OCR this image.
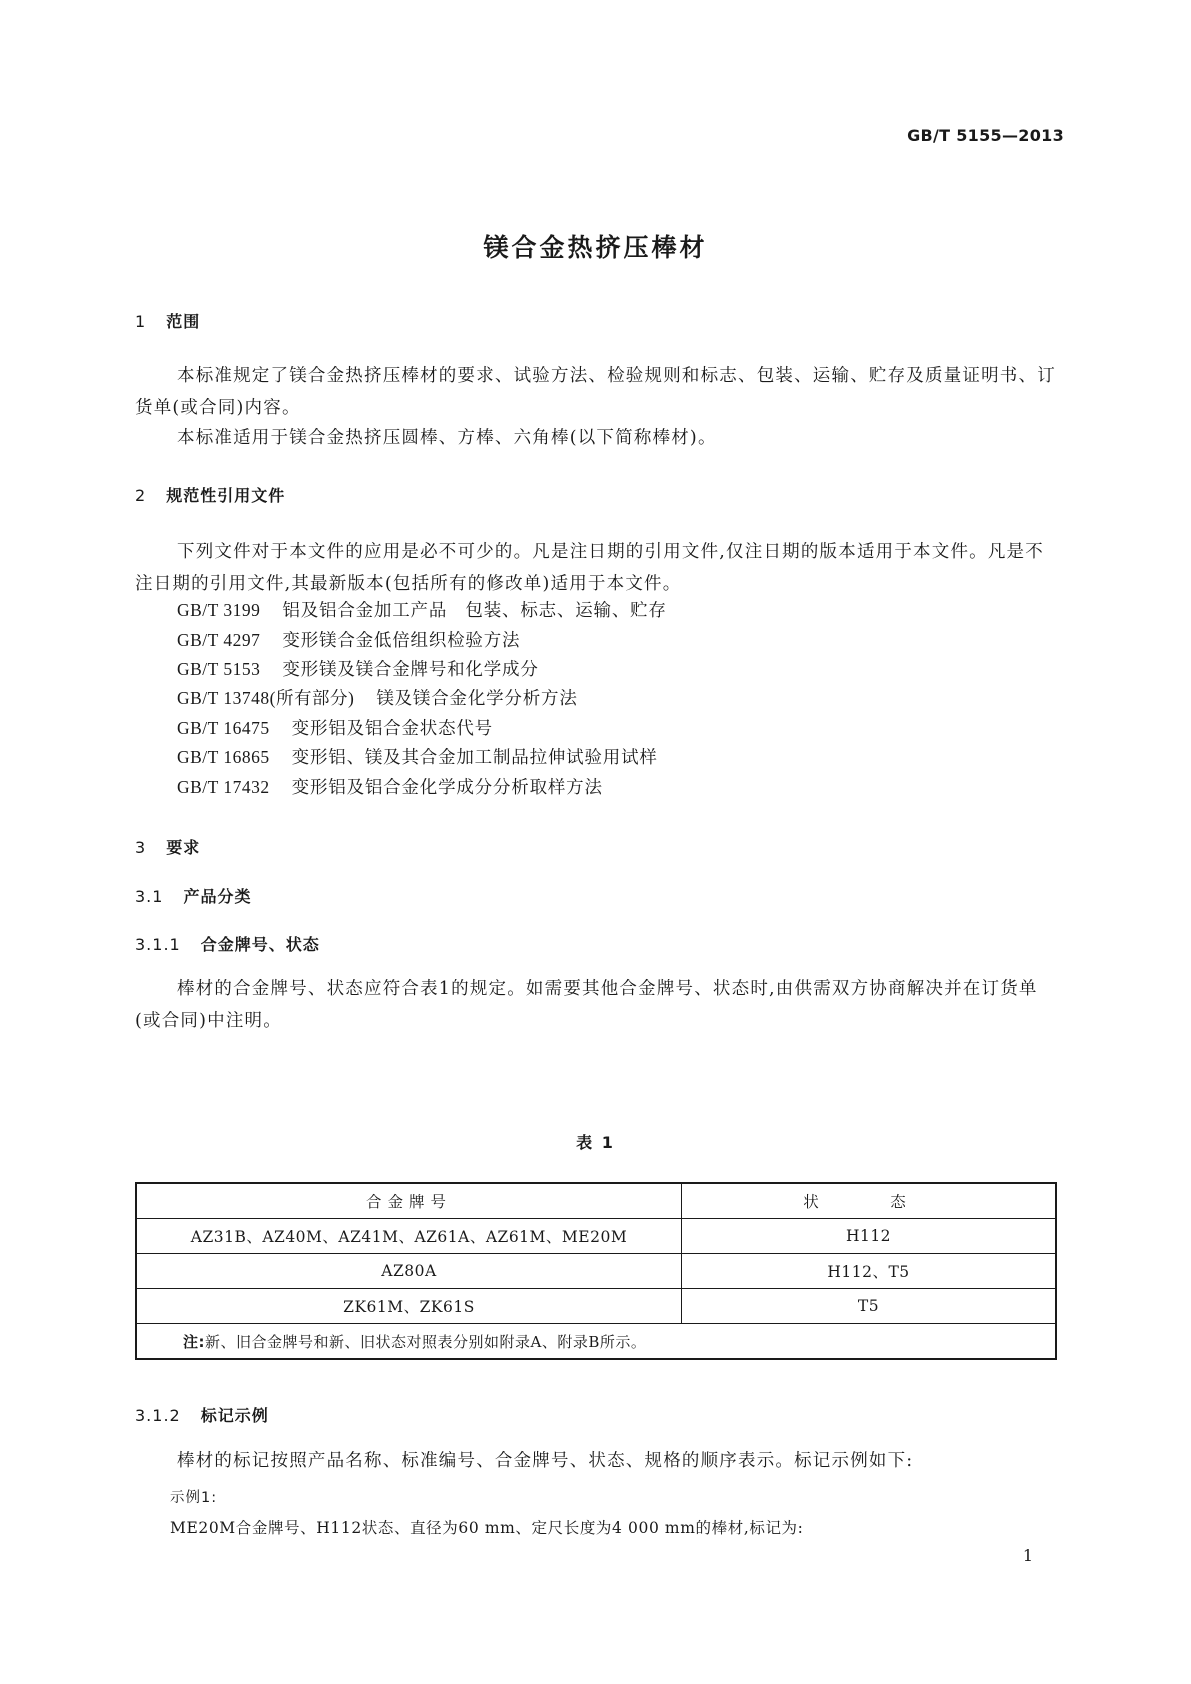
GB/T 5155—2013
镁合金热挤压棒材
1 范围
本标准规定了镁合金热挤压棒材的要求、试验方法、检验规则和标志、包装、运输、贮存及质量证明书、订货单(或合同)内容。
本标准适用于镁合金热挤压圆棒、方棒、六角棒(以下简称棒材)。
2 规范性引用文件
下列文件对于本文件的应用是必不可少的。凡是注日期的引用文件,仅注日期的版本适用于本文件。凡是不注日期的引用文件,其最新版本(包括所有的修改单)适用于本文件。
GB/T 3199 铝及铝合金加工产品　包装、标志、运输、贮存
GB/T 4297 变形镁合金低倍组织检验方法
GB/T 5153 变形镁及镁合金牌号和化学成分
GB/T 13748(所有部分) 镁及镁合金化学分析方法
GB/T 16475 变形铝及铝合金状态代号
GB/T 16865 变形铝、镁及其合金加工制品拉伸试验用试样
GB/T 17432 变形铝及铝合金化学成分分析取样方法
3 要求
3.1 产品分类
3.1.1 合金牌号、状态
棒材的合金牌号、状态应符合表1的规定。如需要其他合金牌号、状态时,由供需双方协商解决并在订货单(或合同)中注明。
表 1
合金牌号	状　态
AZ31B、AZ40M、AZ41M、AZ61A、AZ61M、ME20M	H112
AZ80A	H112、T5
ZK61M、ZK61S	T5
注:新、旧合金牌号和新、旧状态对照表分别如附录A、附录B所示。	
3.1.2 标记示例
棒材的标记按照产品名称、标准编号、合金牌号、状态、规格的顺序表示。标记示例如下:
示例1:
ME20M合金牌号、H112状态、直径为60 mm、定尺长度为4 000 mm的棒材,标记为:
1
